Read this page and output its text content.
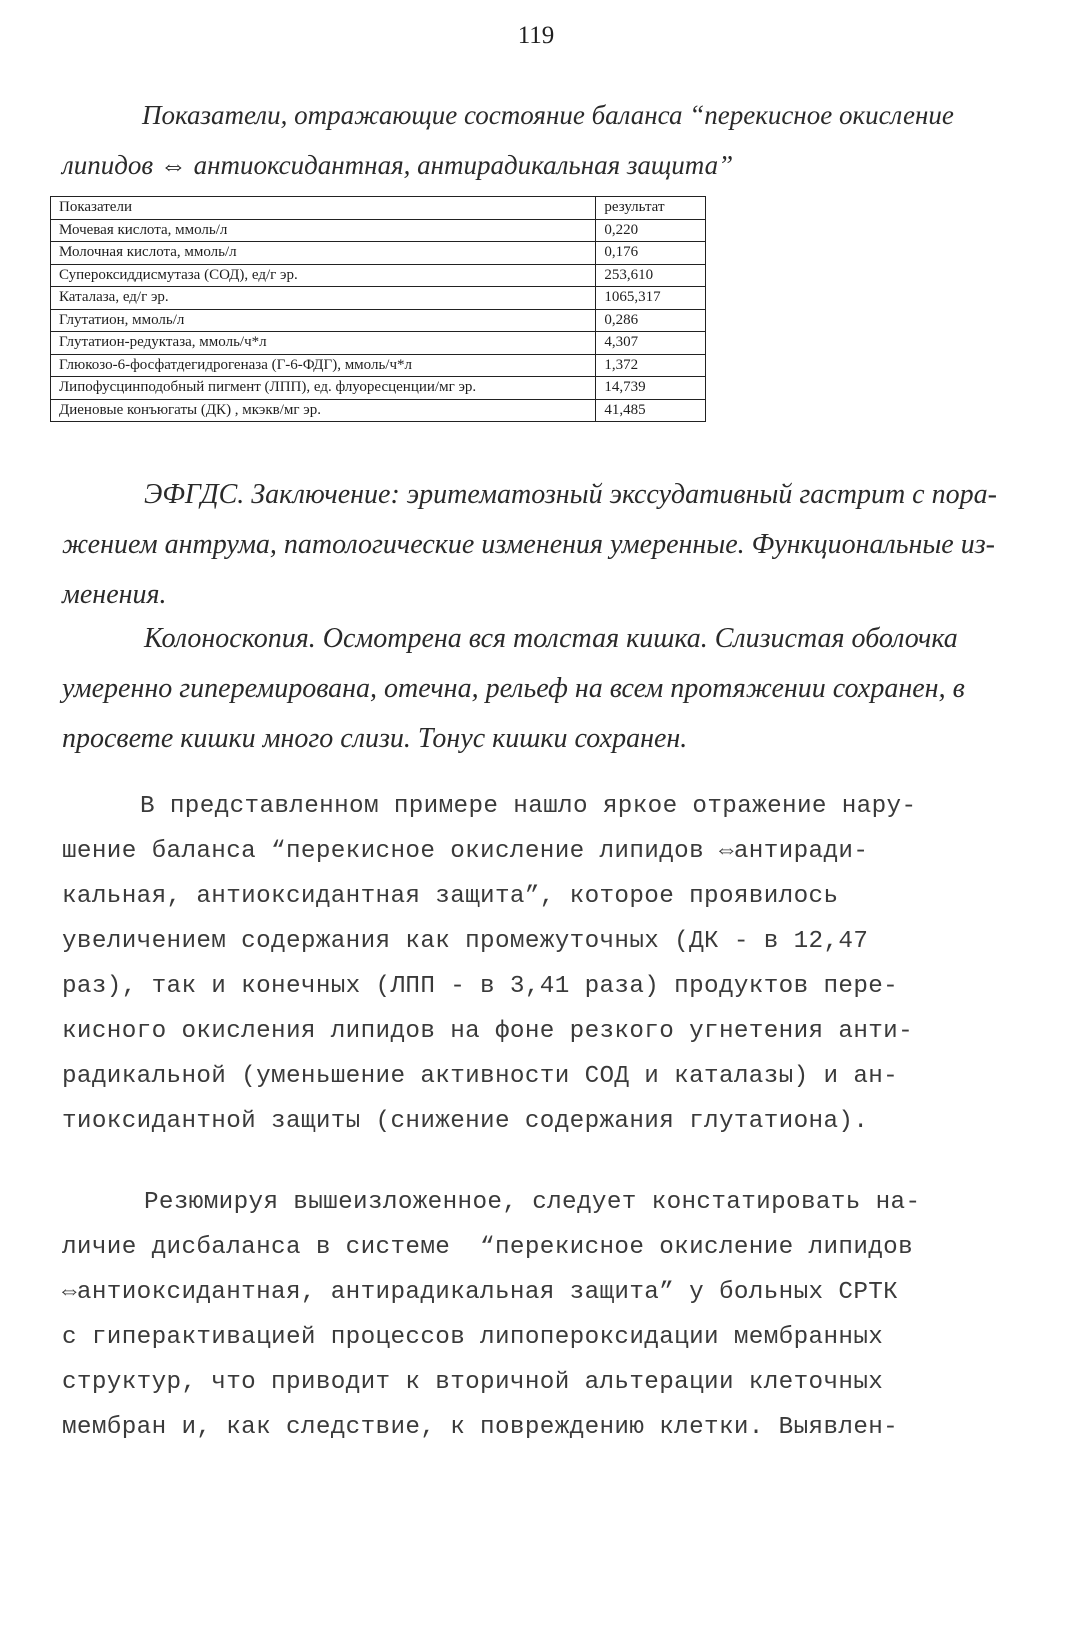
119
Показатели, отражающие состояние баланса “перекисное окисление
липидов ⇔ антиоксидантная, антирадикальная защита”
Показатели	результат
Мочевая кислота, ммоль/л	0,220
Молочная кислота, ммоль/л	0,176
Супероксиддисмутаза (СОД), ед/г эр.	253,610
Каталаза, ед/г эр.	1065,317
Глутатион, ммоль/л	0,286
Глутатион-редуктаза, ммоль/ч*л	4,307
Глюкозо-6-фосфатдегидрогеназа (Г-6-ФДГ), ммоль/ч*л	1,372
Липофусцинподобный пигмент (ЛПП), ед. флуоресценции/мг эр.	14,739
Диеновые конъюгаты (ДК) , мкэкв/мг эр.	41,485
ЭФГДС. Заключение: эритематозный экссудативный гастрит с пора-
жением антрума, патологические изменения умеренные. Функциональные из-
менения.
Колоноскопия. Осмотрена вся толстая кишка. Слизистая оболочка
умеренно гиперемирована, отечна, рельеф на всем протяжении сохранен, в
просвете кишки много слизи. Тонус кишки сохранен.
В представленном примере нашло яркое отражение нару-
шение баланса “перекисное окисление липидов ⇔антиради-
кальная, антиоксидантная защита”, которое проявилось
увеличением содержания как промежуточных (ДК - в 12,47
раз), так и конечных (ЛПП - в 3,41 раза) продуктов пере-
кисного окисления липидов на фоне резкого угнетения анти-
радикальной (уменьшение активности СОД и каталазы) и ан-
тиоксидантной защиты (снижение содержания глутатиона).
Резюмируя вышеизложенное, следует констатировать на-
личие дисбаланса в системе  “перекисное окисление липидов
⇔антиоксидантная, антирадикальная защита” у больных СРТК
с гиперактивацией процессов липопероксидации мембранных
структур, что приводит к вторичной альтерации клеточных
мембран и, как следствие, к повреждению клетки. Выявлен-
